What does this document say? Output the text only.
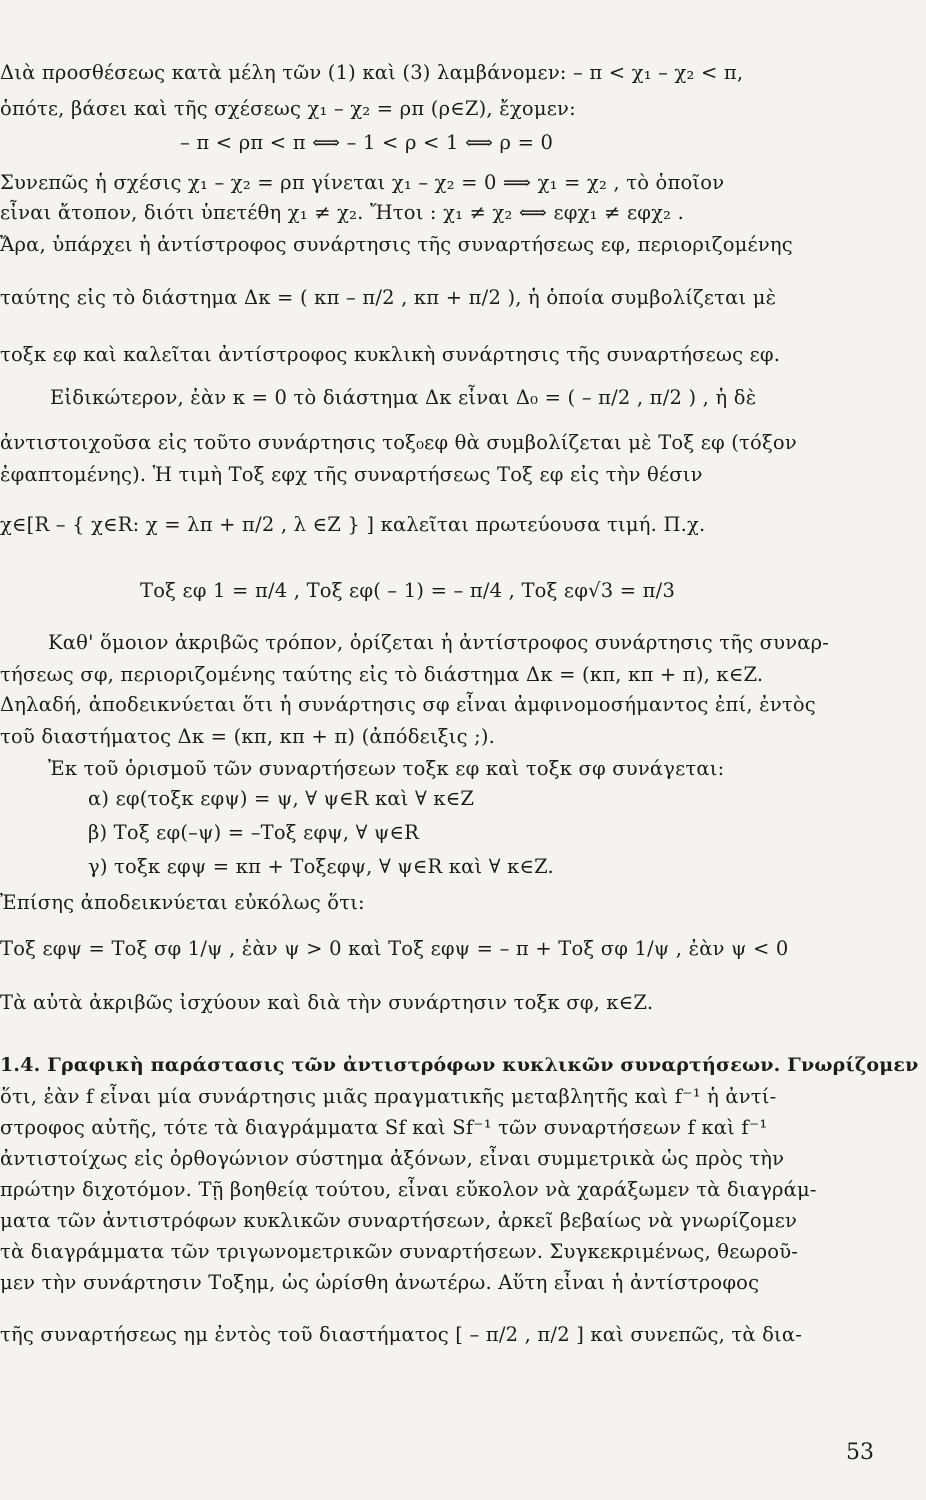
Διὰ προσθέσεως κατὰ μέλη τῶν (1) καὶ (3) λαμβάνομεν: – π < χ₁ – χ₂ < π,
ὁπότε, βάσει καὶ τῆς σχέσεως χ₁ – χ₂ = ρπ (ρ∈Z), ἔχομεν:
– π < ρπ < π ⟺ – 1 < ρ < 1 ⟺ ρ = 0
Συνεπῶς ἡ σχέσις χ₁ – χ₂ = ρπ γίνεται χ₁ – χ₂ = 0 ⟹ χ₁ = χ₂ , τὸ ὁποῖον
εἶναι ἄτοπον, διότι ὑπετέθη χ₁ ≠ χ₂. Ἤτοι : χ₁ ≠ χ₂ ⟺ εφχ₁ ≠ εφχ₂ .
Ἄρα, ὑπάρχει ἡ ἀντίστροφος συνάρτησις τῆς συναρτήσεως εφ, περιοριζομένης
ταύτης εἰς τὸ διάστημα Δκ = ( κπ – π/2 , κπ + π/2 ), ἡ ὁποία συμβολίζεται μὲ
τοξκ εφ καὶ καλεῖται ἀντίστροφος κυκλικὴ συνάρτησις τῆς συναρτήσεως εφ.
Εἰδικώτερον, ἐὰν κ = 0 τὸ διάστημα Δκ εἶναι Δ₀ = ( – π/2 , π/2 ) , ἡ δὲ
ἀντιστοιχοῦσα εἰς τοῦτο συνάρτησις τοξ₀εφ θὰ συμβολίζεται μὲ Τοξ εφ (τόξον
ἐφαπτομένης). Ἡ τιμὴ Τοξ εφχ τῆς συναρτήσεως Τοξ εφ εἰς τὴν θέσιν
χ∈[R – { χ∈R: χ = λπ + π/2 , λ ∈Z } ] καλεῖται πρωτεύουσα τιμή. Π.χ.
Τοξ εφ 1 = π/4 , Τοξ εφ( – 1) = – π/4 , Τοξ εφ√3 = π/3
Καθ' ὅμοιον ἀκριβῶς τρόπον, ὁρίζεται ἡ ἀντίστροφος συνάρτησις τῆς συναρ-
τήσεως σφ, περιοριζομένης ταύτης εἰς τὸ διάστημα Δκ = (κπ, κπ + π), κ∈Z.
Δηλαδή, ἀποδεικνύεται ὅτι ἡ συνάρτησις σφ εἶναι ἀμφινομοσήμαντος ἐπί, ἐντὸς
τοῦ διαστήματος Δκ = (κπ, κπ + π) (ἀπόδειξις ;).
Ἐκ τοῦ ὁρισμοῦ τῶν συναρτήσεων τοξκ εφ καὶ τοξκ σφ συνάγεται:
α) εφ(τοξκ εφψ) = ψ, ∀ ψ∈R καὶ ∀ κ∈Z
β) Τοξ εφ(–ψ) = –Τοξ εφψ, ∀ ψ∈R
γ) τοξκ εφψ = κπ + Τοξεφψ, ∀ ψ∈R καὶ ∀ κ∈Z.
Ἐπίσης ἀποδεικνύεται εὐκόλως ὅτι:
Τοξ εφψ = Τοξ σφ 1/ψ , ἐὰν ψ > 0 καὶ Τοξ εφψ = – π + Τοξ σφ 1/ψ , ἐὰν ψ < 0
Τὰ αὐτὰ ἀκριβῶς ἰσχύουν καὶ διὰ τὴν συνάρτησιν τοξκ σφ, κ∈Z.
1.4. Γραφικὴ παράστασις τῶν ἀντιστρόφων κυκλικῶν συναρτήσεων. Γνωρίζομεν
ὅτι, ἐὰν f εἶναι μία συνάρτησις μιᾶς πραγματικῆς μεταβλητῆς καὶ f⁻¹ ἡ ἀντί-
στροφος αὐτῆς, τότε τὰ διαγράμματα Sf καὶ Sf⁻¹ τῶν συναρτήσεων f καὶ f⁻¹
ἀντιστοίχως εἰς ὀρθογώνιον σύστημα ἀξόνων, εἶναι συμμετρικὰ ὡς πρὸς τὴν
πρώτην διχοτόμον. Τῇ βοηθείᾳ τούτου, εἶναι εὔκολον νὰ χαράξωμεν τὰ διαγράμ-
ματα τῶν ἀντιστρόφων κυκλικῶν συναρτήσεων, ἀρκεῖ βεβαίως νὰ γνωρίζομεν
τὰ διαγράμματα τῶν τριγωνομετρικῶν συναρτήσεων. Συγκεκριμένως, θεωροῦ-
μεν τὴν συνάρτησιν Τοξημ, ὡς ὡρίσθη ἀνωτέρω. Αὕτη εἶναι ἡ ἀντίστροφος
τῆς συναρτήσεως ημ ἐντὸς τοῦ διαστήματος [ – π/2 , π/2 ] καὶ συνεπῶς, τὰ δια-
53
